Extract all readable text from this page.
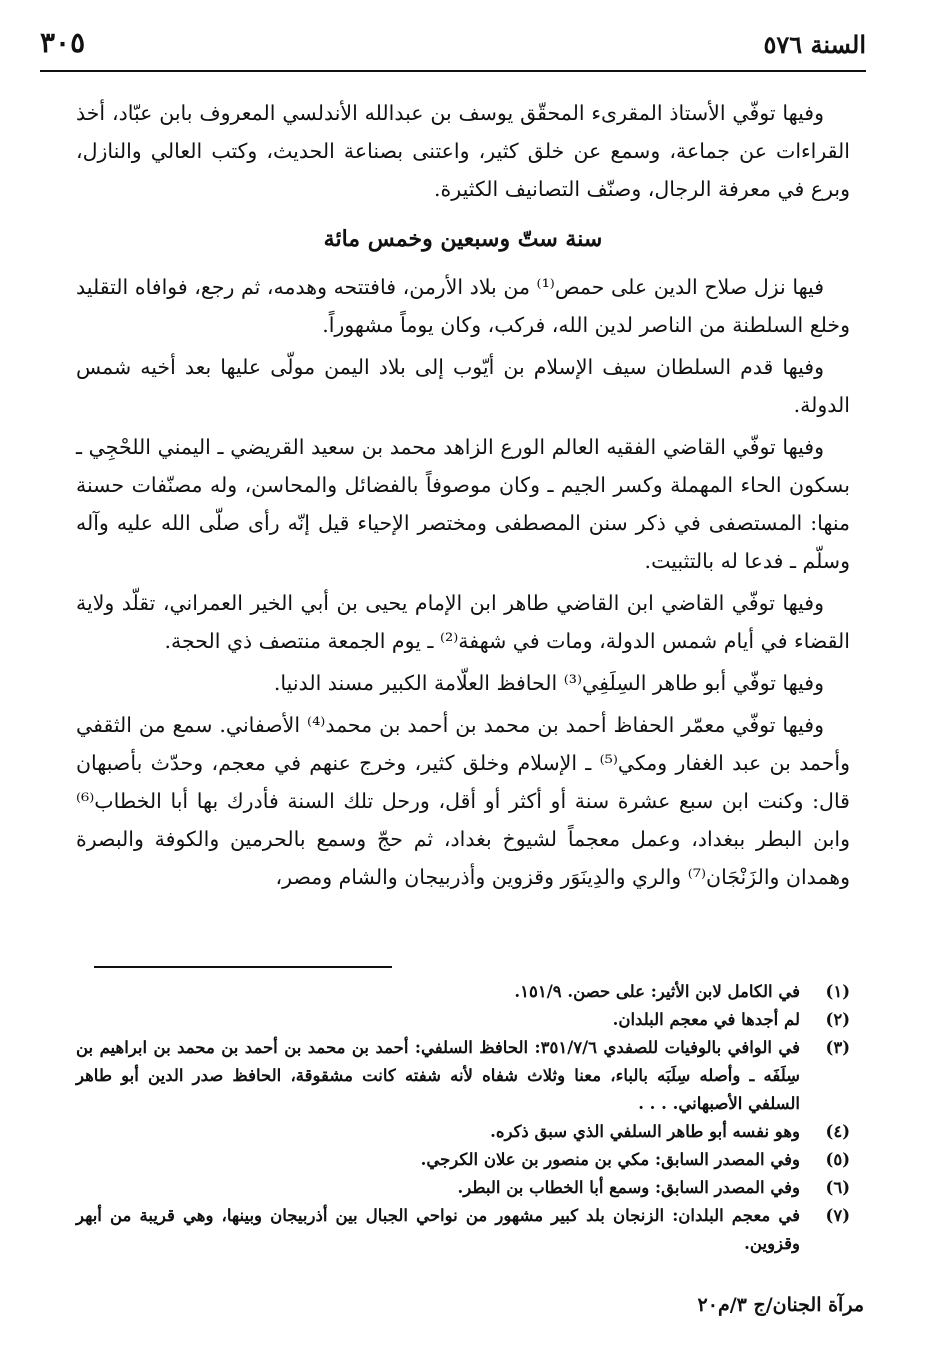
السنة ٥٧٦
٣٠٥

وفيها توفّي الأستاذ المقرىء المحقّق يوسف بن عبدالله الأندلسي المعروف بابن عبّاد، أخذ القراءات عن جماعة، وسمع عن خلق كثير، واعتنى بصناعة الحديث، وكتب العالي والنازل، وبرع في معرفة الرجال، وصنّف التصانيف الكثيرة.

سنة ستّ وسبعين وخمس مائة

فيها نزل صلاح الدين على حمص⁽¹⁾ من بلاد الأرمن، فافتتحه وهدمه، ثم رجع، فوافاه التقليد وخلع السلطنة من الناصر لدين الله، فركب، وكان يوماً مشهوراً.

وفيها قدم السلطان سيف الإسلام بن أيّوب إلى بلاد اليمن مولّى عليها بعد أخيه شمس الدولة.

وفيها توفّي القاضي الفقيه العالم الورع الزاهد محمد بن سعيد القريضي ـ اليمني اللحْجِي ـ بسكون الحاء المهملة وكسر الجيم ـ وكان موصوفاً بالفضائل والمحاسن، وله مصنّفات حسنة منها: المستصفى في ذكر سنن المصطفى ومختصر الإحياء قيل إنّه رأى صلّى الله عليه وآله وسلّم ـ فدعا له بالتثبيت.

وفيها توفّي القاضي ابن القاضي طاهر ابن الإمام يحيى بن أبي الخير العمراني، تقلّد ولاية القضاء في أيام شمس الدولة، ومات في شهفة⁽²⁾ ـ يوم الجمعة منتصف ذي الحجة.

وفيها توفّي أبو طاهر السِلَفِي⁽³⁾ الحافظ العلّامة الكبير مسند الدنيا.

وفيها توفّي معمّر الحفاظ أحمد بن محمد بن أحمد بن محمد⁽⁴⁾ الأصفاني. سمع من الثقفي وأحمد بن عبد الغفار ومكي⁽⁵⁾ ـ الإسلام وخلق كثير، وخرج عنهم في معجم، وحدّث بأصبهان قال: وكنت ابن سبع عشرة سنة أو أكثر أو أقل، ورحل تلك السنة فأدرك بها أبا الخطاب⁽⁶⁾ وابن البطر ببغداد، وعمل معجماً لشيوخ بغداد، ثم حجّ وسمع بالحرمين والكوفة والبصرة وهمدان والزَنْجَان⁽⁷⁾ والري والدِينَوَر وقزوين وأذربيجان والشام ومصر،

(١)
في الكامل لابن الأثير: على حصن. ١٥١/٩.
(٢)
لم أجدها في معجم البلدان.
(٣)
في الوافي بالوفيات للصفدي ٣٥١/٧/٦: الحافظ السلفي: أحمد بن محمد بن أحمد بن محمد بن ابراهيم بن سِلَفَه ـ وأصله سِلَبَه بالباء، معنا وثلاث شفاه لأنه شفته كانت مشقوقة، الحافظ صدر الدين أبو طاهر السلفي الأصبهاني. . . .
(٤)
وهو نفسه أبو طاهر السلفي الذي سبق ذكره.
(٥)
وفي المصدر السابق: مكي بن منصور بن علان الكرجي.
(٦)
وفي المصدر السابق: وسمع أبا الخطاب بن البطر.
(٧)
في معجم البلدان: الزنجان بلد كبير مشهور من نواحي الجبال بين أذربيجان وبينها، وهي قريبة من أبهر وقزوين.
مرآة الجنان/ج ٣/م٢٠
